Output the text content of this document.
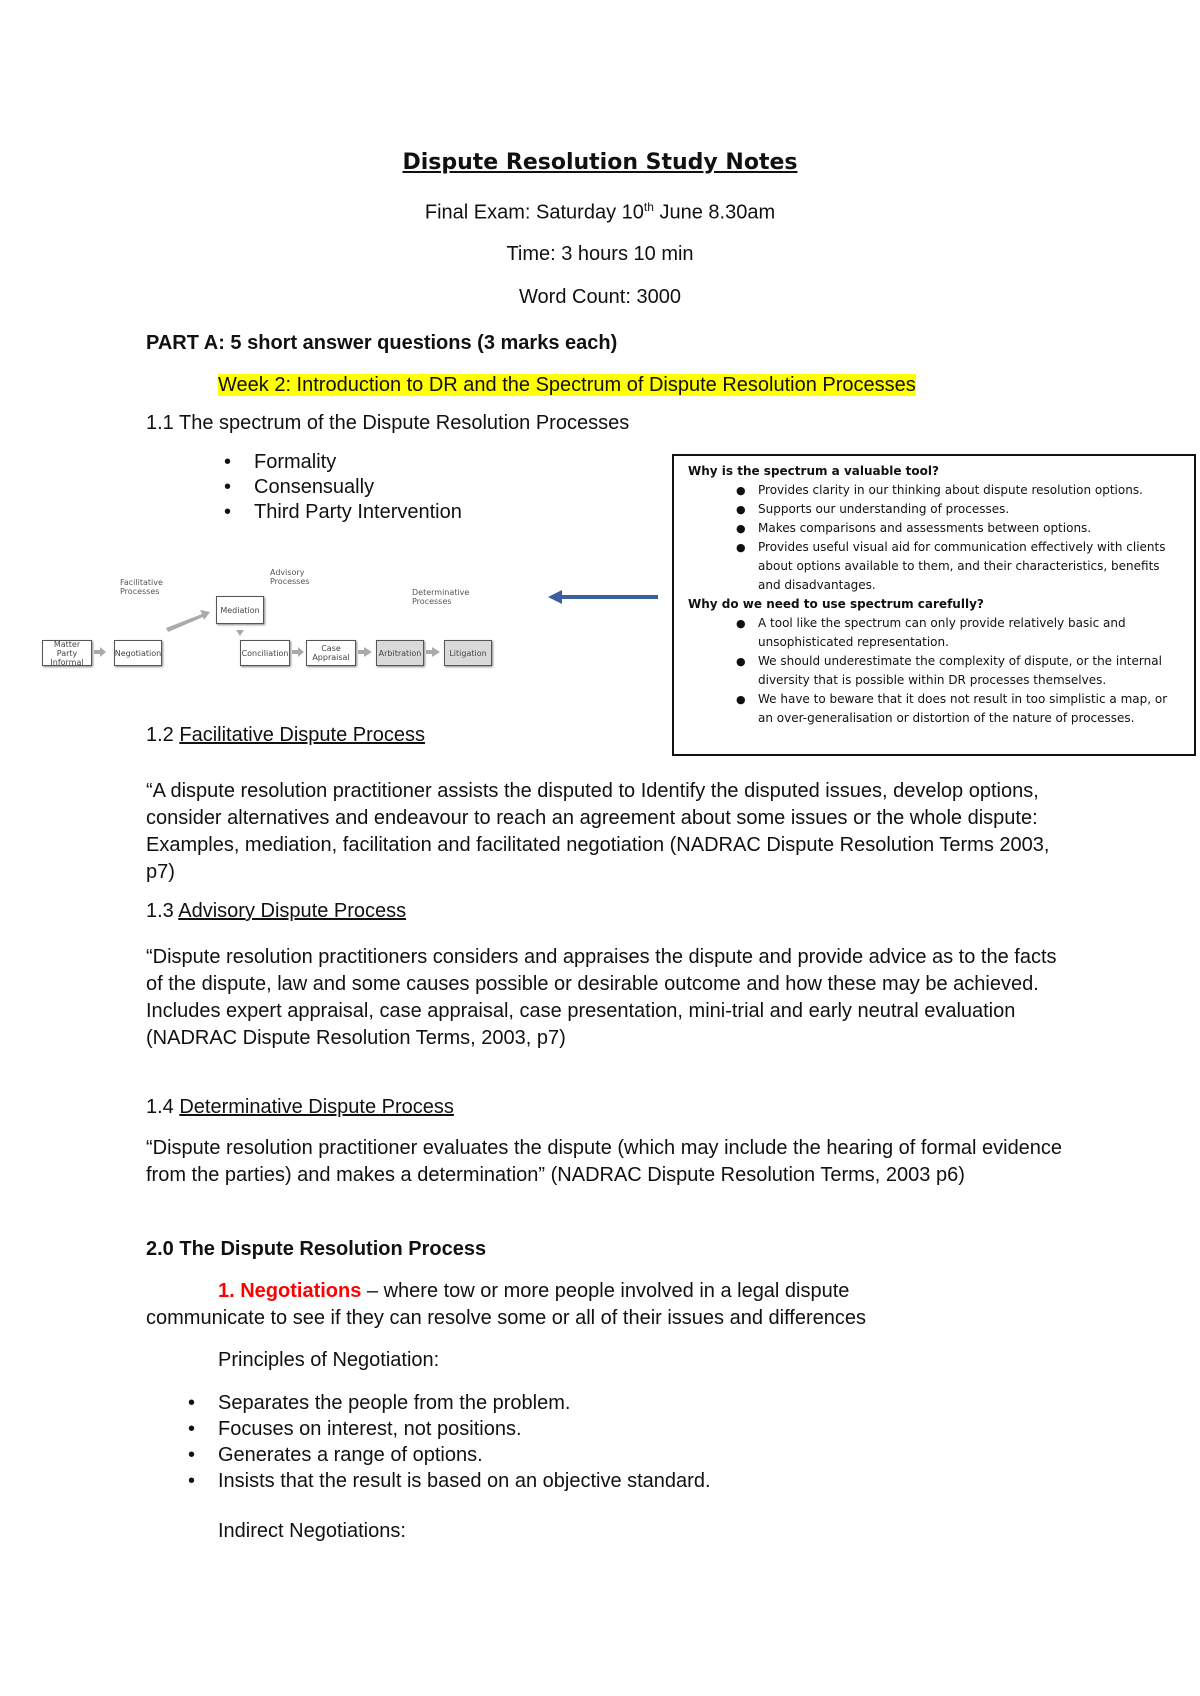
Dispute Resolution Study Notes
Final Exam: Saturday 10th June 8.30am
Time: 3 hours 10 min
Word Count: 3000
PART A: 5 short answer questions (3 marks each)
Week 2: Introduction to DR and the Spectrum of Dispute Resolution Processes
1.1 The spectrum of the Dispute Resolution Processes
• Formality
• Consensually
• Third Party Intervention
Facilitative Processes
Advisory Processes
Determinative Processes
Matter Party Informal
Negotiation
Mediation
Conciliation	Case Appraisal	Arbitration	Litigation
Why is the spectrum a valuable tool?
● Provides clarity in our thinking about dispute resolution options.
● Supports our understanding of processes.
● Makes comparisons and assessments between options.
● Provides useful visual aid for communication effectively with clients about options available to them, and their characteristics, benefits and disadvantages.
Why do we need to use spectrum carefully?
● A tool like the spectrum can only provide relatively basic and unsophisticated representation.
● We should underestimate the complexity of dispute, or the internal diversity that is possible within DR processes themselves.
● We have to beware that it does not result in too simplistic a map, or an over-generalisation or distortion of the nature of processes.
1.2 Facilitative Dispute Process
“A dispute resolution practitioner assists the disputed to Identify the disputed issues, develop options, consider alternatives and endeavour to reach an agreement about some issues or the whole dispute: Examples, mediation, facilitation and facilitated negotiation (NADRAC Dispute Resolution Terms 2003, p7)
1.3 Advisory Dispute Process
“Dispute resolution practitioners considers and appraises the dispute and provide advice as to the facts of the dispute, law and some causes possible or desirable outcome and how these may be achieved. Includes expert appraisal, case appraisal, case presentation, mini-trial and early neutral evaluation (NADRAC Dispute Resolution Terms, 2003, p7)
1.4 Determinative Dispute Process
“Dispute resolution practitioner evaluates the dispute (which may include the hearing of formal evidence from the parties) and makes a determination” (NADRAC Dispute Resolution Terms, 2003 p6)
2.0 The Dispute Resolution Process
1. Negotiations – where tow or more people involved in a legal dispute
communicate to see if they can resolve some or all of their issues and differences
Principles of Negotiation:
• Separates the people from the problem.
• Focuses on interest, not positions.
• Generates a range of options.
• Insists that the result is based on an objective standard.
Indirect Negotiations:
